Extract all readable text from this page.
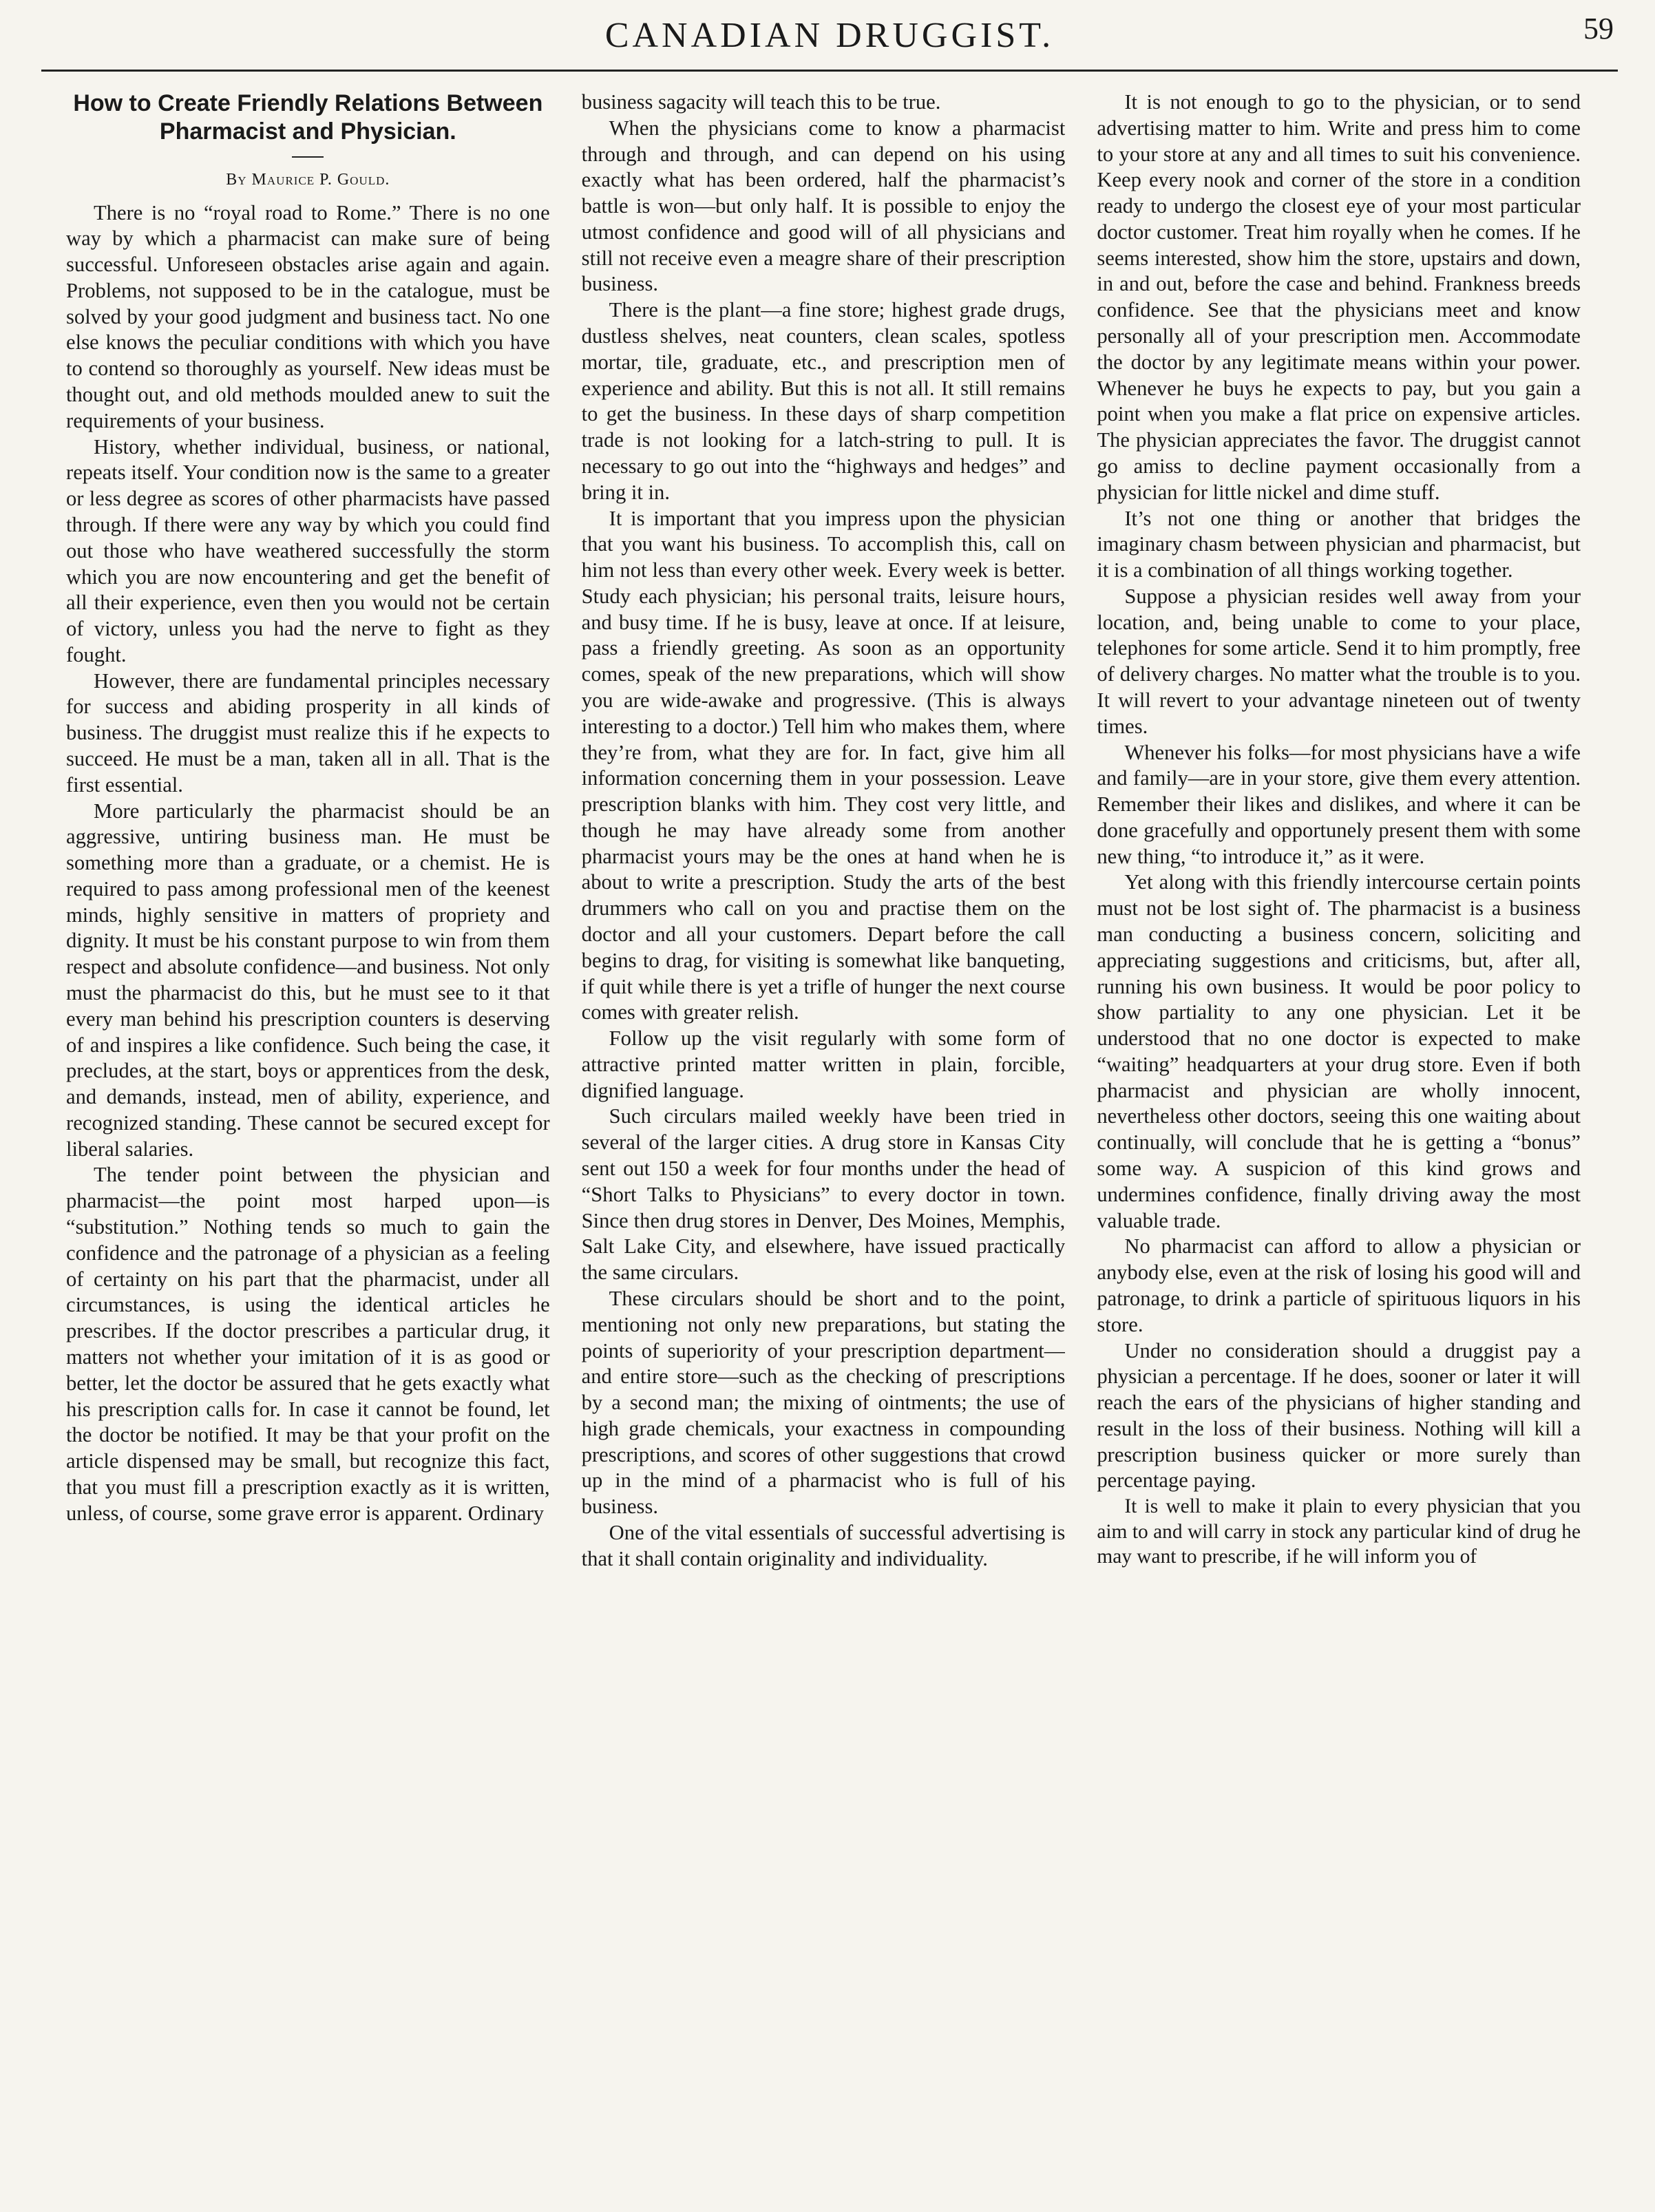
CANADIAN DRUGGIST.	59
How to Create Friendly Relations Between Pharmacist and Physician.
By Maurice P. Gould.

There is no “royal road to Rome.” There is no one way by which a pharmacist can make sure of being successful. Unforeseen obstacles arise again and again. Problems, not supposed to be in the catalogue, must be solved by your good judgment and business tact. No one else knows the peculiar conditions with which you have to contend so thoroughly as yourself. New ideas must be thought out, and old methods moulded anew to suit the requirements of your business.

History, whether individual, business, or national, repeats itself. Your condition now is the same to a greater or less degree as scores of other pharmacists have passed through. If there were any way by which you could find out those who have weathered successfully the storm which you are now encountering and get the benefit of all their experience, even then you would not be certain of victory, unless you had the nerve to fight as they fought.

However, there are fundamental principles necessary for success and abiding prosperity in all kinds of business. The druggist must realize this if he expects to succeed. He must be a man, taken all in all. That is the first essential.

More particularly the pharmacist should be an aggressive, untiring business man. He must be something more than a graduate, or a chemist. He is required to pass among professional men of the keenest minds, highly sensitive in matters of propriety and dignity. It must be his constant purpose to win from them respect and absolute confidence—and business. Not only must the pharmacist do this, but he must see to it that every man behind his prescription counters is deserving of and inspires a like confidence. Such being the case, it precludes, at the start, boys or apprentices from the desk, and demands, instead, men of ability, experience, and recognized standing. These cannot be secured except for liberal salaries.

The tender point between the physician and pharmacist—the point most harped upon—is “substitution.” Nothing tends so much to gain the confidence and the patronage of a physician as a feeling of certainty on his part that the pharmacist, under all circumstances, is using the identical articles he prescribes. If the doctor prescribes a particular drug, it matters not whether your imitation of it is as good or better, let the doctor be assured that he gets exactly what his prescription calls for. In case it cannot be found, let the doctor be notified. It may be that your profit on the article dispensed may be small, but recognize this fact, that you must fill a prescription exactly as it is written, unless, of course, some grave error is apparent. Ordinary

business sagacity will teach this to be true.

When the physicians come to know a pharmacist through and through, and can depend on his using exactly what has been ordered, half the pharmacist’s battle is won—but only half. It is possible to enjoy the utmost confidence and good will of all physicians and still not receive even a meagre share of their prescription business.

There is the plant—a fine store; highest grade drugs, dustless shelves, neat counters, clean scales, spotless mortar, tile, graduate, etc., and prescription men of experience and ability. But this is not all. It still remains to get the business. In these days of sharp competition trade is not looking for a latch-string to pull. It is necessary to go out into the “highways and hedges” and bring it in.

It is important that you impress upon the physician that you want his business. To accomplish this, call on him not less than every other week. Every week is better. Study each physician; his personal traits, leisure hours, and busy time. If he is busy, leave at once. If at leisure, pass a friendly greeting. As soon as an opportunity comes, speak of the new preparations, which will show you are wide-awake and progressive. (This is always interesting to a doctor.) Tell him who makes them, where they’re from, what they are for. In fact, give him all information concerning them in your possession. Leave prescription blanks with him. They cost very little, and though he may have already some from another pharmacist yours may be the ones at hand when he is about to write a prescription. Study the arts of the best drummers who call on you and practise them on the doctor and all your customers. Depart before the call begins to drag, for visiting is somewhat like banqueting, if quit while there is yet a trifle of hunger the next course comes with greater relish.

Follow up the visit regularly with some form of attractive printed matter written in plain, forcible, dignified language.

Such circulars mailed weekly have been tried in several of the larger cities. A drug store in Kansas City sent out 150 a week for four months under the head of “Short Talks to Physicians” to every doctor in town. Since then drug stores in Denver, Des Moines, Memphis, Salt Lake City, and elsewhere, have issued practically the same circulars.

These circulars should be short and to the point, mentioning not only new preparations, but stating the points of superiority of your prescription department—and entire store—such as the checking of prescriptions by a second man; the mixing of ointments; the use of high grade chemicals, your exactness in compounding prescriptions, and scores of other suggestions that crowd up in the mind of a pharmacist who is full of his business.

One of the vital essentials of successful advertising is that it shall contain originality and individuality.

It is not enough to go to the physician, or to send advertising matter to him. Write and press him to come to your store at any and all times to suit his convenience. Keep every nook and corner of the store in a condition ready to undergo the closest eye of your most particular doctor customer. Treat him royally when he comes. If he seems interested, show him the store, upstairs and down, in and out, before the case and behind. Frankness breeds confidence. See that the physicians meet and know personally all of your prescription men. Accommodate the doctor by any legitimate means within your power. Whenever he buys he expects to pay, but you gain a point when you make a flat price on expensive articles. The physician appreciates the favor. The druggist cannot go amiss to decline payment occasionally from a physician for little nickel and dime stuff.

It’s not one thing or another that bridges the imaginary chasm between physician and pharmacist, but it is a combination of all things working together.

Suppose a physician resides well away from your location, and, being unable to come to your place, telephones for some article. Send it to him promptly, free of delivery charges. No matter what the trouble is to you. It will revert to your advantage nineteen out of twenty times.

Whenever his folks—for most physicians have a wife and family—are in your store, give them every attention. Remember their likes and dislikes, and where it can be done gracefully and opportunely present them with some new thing, “to introduce it,” as it were.

Yet along with this friendly intercourse certain points must not be lost sight of. The pharmacist is a business man conducting a business concern, soliciting and appreciating suggestions and criticisms, but, after all, running his own business. It would be poor policy to show partiality to any one physician. Let it be understood that no one doctor is expected to make “waiting” headquarters at your drug store. Even if both pharmacist and physician are wholly innocent, nevertheless other doctors, seeing this one waiting about continually, will conclude that he is getting a “bonus” some way. A suspicion of this kind grows and undermines confidence, finally driving away the most valuable trade.

No pharmacist can afford to allow a physician or anybody else, even at the risk of losing his good will and patronage, to drink a particle of spirituous liquors in his store.

Under no consideration should a druggist pay a physician a percentage. If he does, sooner or later it will reach the ears of the physicians of higher standing and result in the loss of their business. Nothing will kill a prescription business quicker or more surely than percentage paying.

It is well to make it plain to every physician that you aim to and will carry in stock any particular kind of drug he may want to prescribe, if he will inform you of
